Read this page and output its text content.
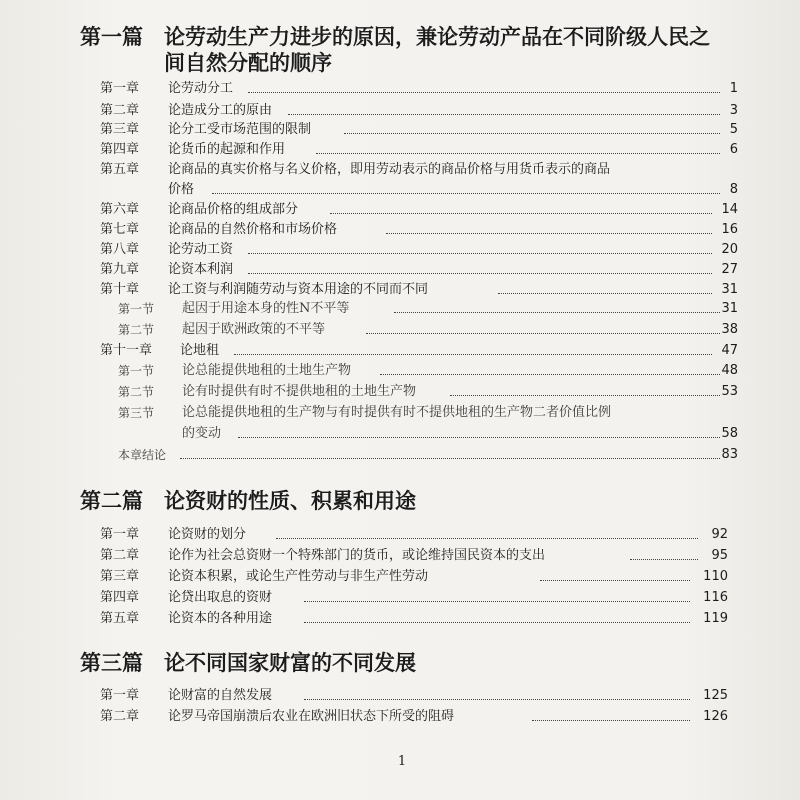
第一篇	论劳动生产力进步的原因，兼论劳动产品在不同阶级人民之
间自然分配的顺序
第一章 论劳动分工	1
第二章 论造成分工的原由	3
第三章 论分工受市场范围的限制	5
第四章 论货币的起源和作用	6
第五章 论商品的真实价格与名义价格，即用劳动表示的商品价格与用货币表示的商品
价格	8
第六章 论商品价格的组成部分	14
第七章 论商品的自然价格和市场价格	16
第八章 论劳动工资	20
第九章 论资本利润	27
第十章 论工资与利润随劳动与资本用途的不同而不同	31
第一节 起因于用途本身的性N不平等	31
第二节 起因于欧洲政策的不平等	38
第十一章 论地租	47
第一节 论总能提供地租的土地生产物	48
第二节 论有时提供有时不提供地租的土地生产物	53
第三节 论总能提供地租的生产物与有时提供有时不提供地租的生产物二者价值比例
的变动	58
本章结论	83
第二篇	论资财的性质、积累和用途
第一章 论资财的划分	92
第二章 论作为社会总资财一个特殊部门的货币，或论维持国民资本的支出	95
第三章 论资本积累，或论生产性劳动与非生产性劳动	110
第四章 论贷出取息的资财	116
第五章 论资本的各种用途	119
第三篇	论不同国家财富的不同发展
第一章 论财富的自然发展	125
第二章 论罗马帝国崩溃后农业在欧洲旧状态下所受的阻碍	126
1
